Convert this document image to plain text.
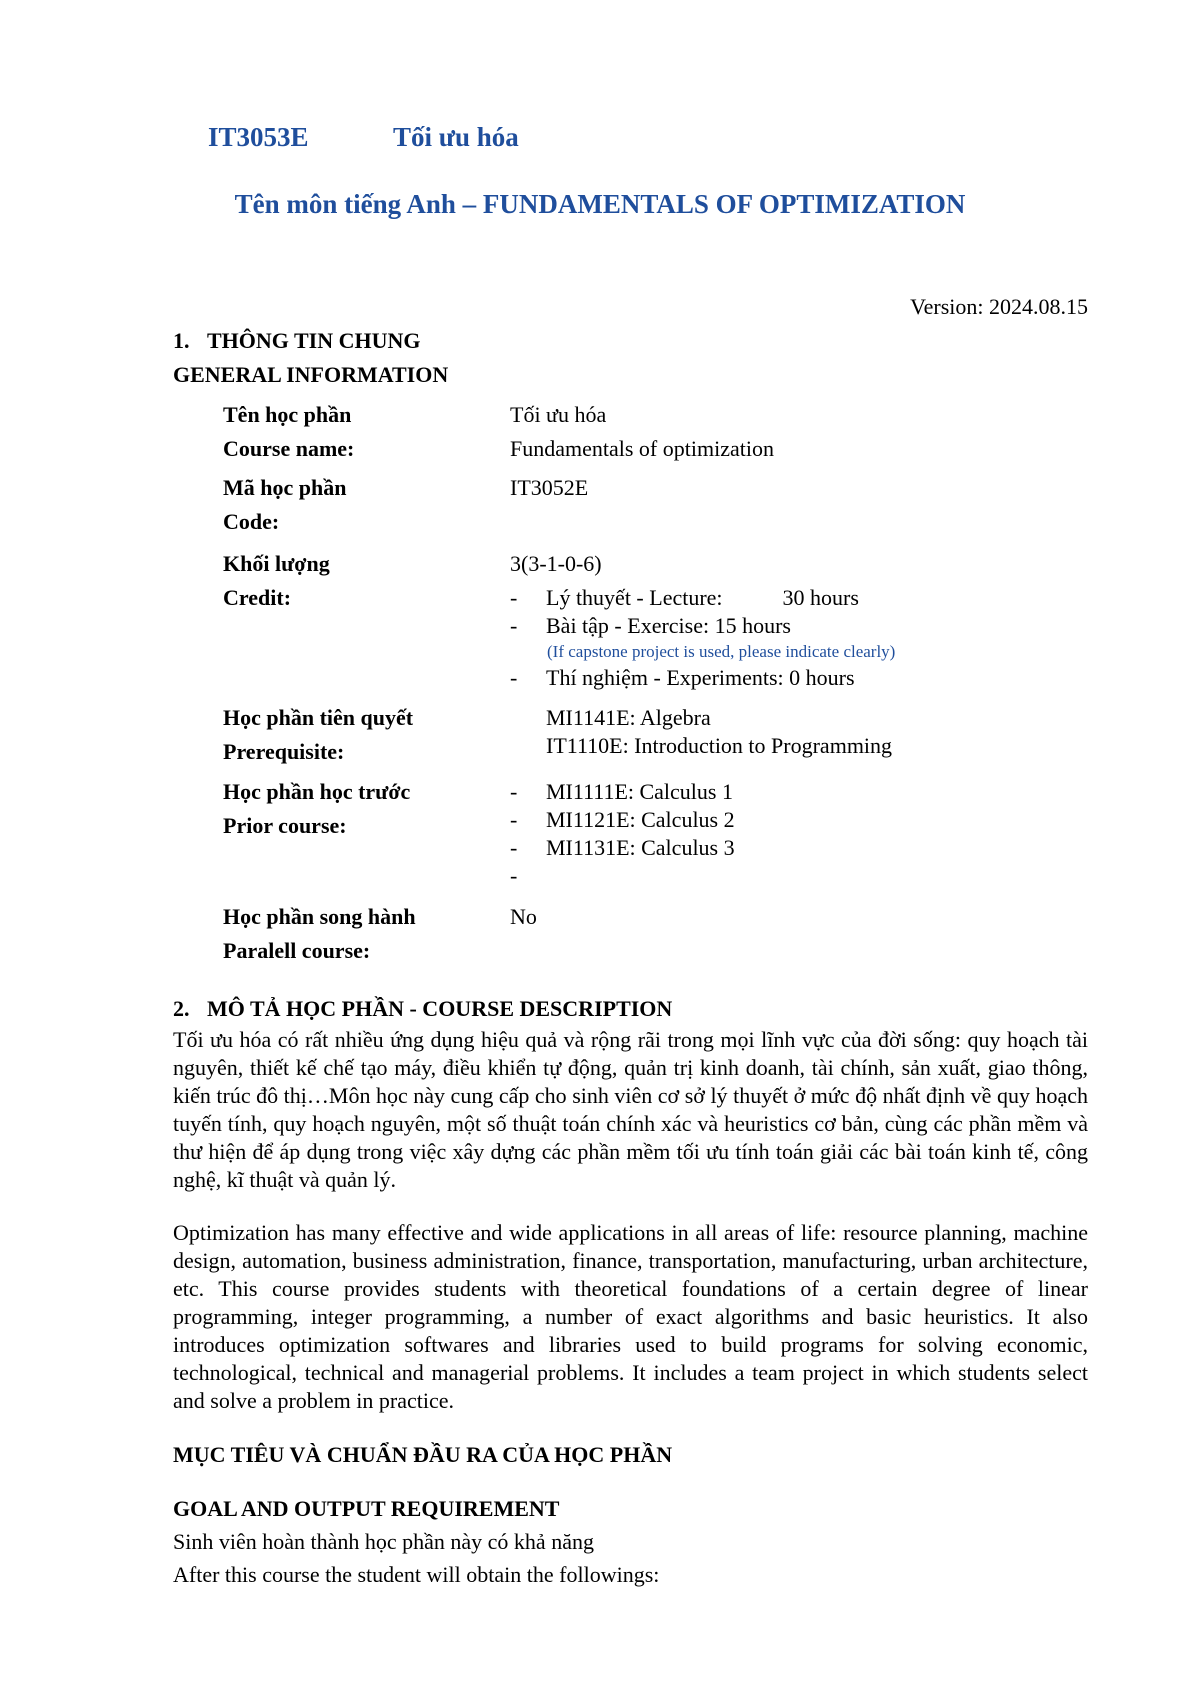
IT3053E	Tối ưu hóa
Tên môn tiếng Anh – FUNDAMENTALS OF OPTIMIZATION
Version: 2024.08.15
1. THÔNG TIN CHUNG
GENERAL INFORMATION
Tên học phần	Tối ưu hóa
Course name:	Fundamentals of optimization
Mã học phần	IT3052E
Code:
Khối lượng	3(3-1-0-6)
Credit:	- Lý thuyết - Lecture:	30 hours
- Bài tập - Exercise: 15 hours
(If capstone project is used, please indicate clearly)
- Thí nghiệm - Experiments: 0 hours
Học phần tiên quyết	MI1141E: Algebra
Prerequisite:	IT1110E: Introduction to Programming
Học phần học trước
Prior course:
- MI1111E: Calculus 1
- MI1121E: Calculus 2
- MI1131E: Calculus 3
-
Học phần song hành	No
Paralell course:
2. MÔ TẢ HỌC PHẦN - COURSE DESCRIPTION
Tối ưu hóa có rất nhiều ứng dụng hiệu quả và rộng rãi trong mọi lĩnh vực của đời sống: quy hoạch tài nguyên, thiết kế chế tạo máy, điều khiển tự động, quản trị kinh doanh, tài chính, sản xuất, giao thông, kiến trúc đô thị…Môn học này cung cấp cho sinh viên cơ sở lý thuyết ở mức độ nhất định về quy hoạch tuyến tính, quy hoạch nguyên, một số thuật toán chính xác và heuristics cơ bản, cùng các phần mềm và thư hiện để áp dụng trong việc xây dựng các phần mềm tối ưu tính toán giải các bài toán kinh tế, công nghệ, kĩ thuật và quản lý.
Optimization has many effective and wide applications in all areas of life: resource planning, machine design, automation, business administration, finance, transportation, manufacturing, urban architecture, etc. This course provides students with theoretical foundations of a certain degree of linear programming, integer programming, a number of exact algorithms and basic heuristics. It also introduces optimization softwares and libraries used to build programs for solving economic, technological, technical and managerial problems. It includes a team project in which students select and solve a problem in practice.
MỤC TIÊU VÀ CHUẨN ĐẦU RA CỦA HỌC PHẦN
GOAL AND OUTPUT REQUIREMENT
Sinh viên hoàn thành học phần này có khả năng
After this course the student will obtain the followings:
